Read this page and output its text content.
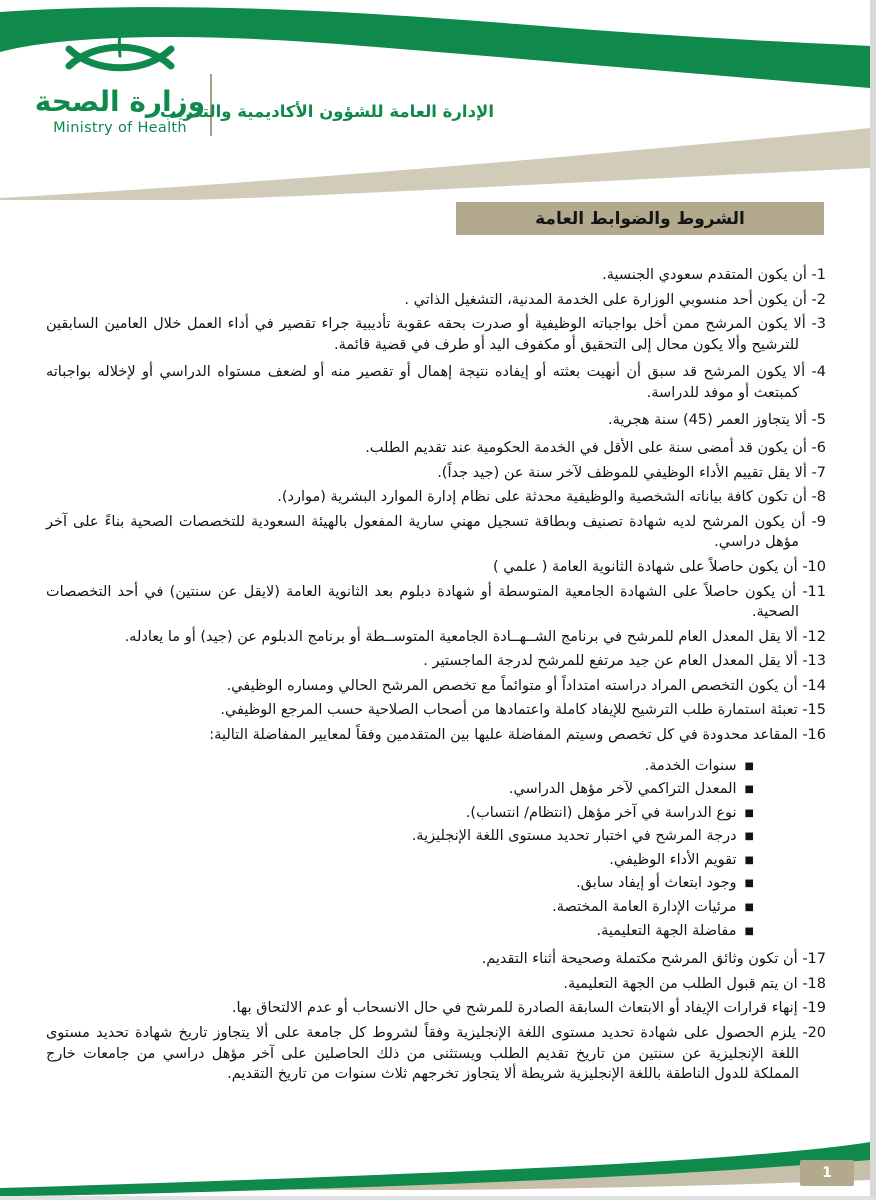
وزارة الصحة
Ministry of Health
الإدارة العامة للشؤون الأكاديمية والتدريب
الشروط والضوابط العامة
1- أن يكون المتقدم سعودي الجنسية.
2- أن يكون أحد منسوبي الوزارة على الخدمة المدنية، التشغيل الذاتي .
3- ألا يكون المرشح ممن أخل بواجباته الوظيفية أو صدرت بحقه عقوبة تأديبية جراء تقصير في أداء العمل خلال العامين السابقين للترشيح وألا يكون محال إلى التحقيق أو مكفوف اليد أو طرف في قضية قائمة.
4- ألا يكون المرشح قد سبق أن أنهيت بعثته أو إيفاده نتيجة إهمال أو تقصير منه أو لضعف مستواه الدراسي أو لإخلاله بواجباته كمبتعث أو موفد للدراسة.
5- ألا يتجاوز العمر (45) سنة هجرية.
6- أن يكون قد أمضى سنة على الأقل في الخدمة الحكومية عند تقديم الطلب.
7- ألا يقل تقييم الأداء الوظيفي للموظف لآخر سنة عن (جيد جداً).
8- أن تكون كافة بياناته الشخصية والوظيفية محدثة على نظام إدارة الموارد البشرية (موارد).
9- أن يكون المرشح لديه شهادة تصنيف وبطاقة تسجيل مهني سارية المفعول بالهيئة السعودية للتخصصات الصحية بناءً على آخر مؤهل دراسي.
10- أن يكون حاصلاً على شهادة الثانوية العامة ( علمي )
11- أن يكون حاصلاً على الشهادة الجامعية المتوسطة أو شهادة دبلوم بعد الثانوية العامة (لايقل عن سنتين) في أحد التخصصات الصحية.
12- ألا يقل المعدل العام للمرشح في برنامج الشــهــادة الجامعية المتوســطة أو برنامج الدبلوم عن (جيد) أو ما يعادله.
13- ألا يقل المعدل العام عن جيد مرتفع للمرشح لدرجة الماجستير .
14- أن يكون التخصص المراد دراسته امتداداً أو متوائماً مع تخصص المرشح الحالي ومساره الوظيفي.
15- تعبئة استمارة طلب الترشيح للإيفاد كاملة واعتمادها من أصحاب الصلاحية حسب المرجع الوظيفي.
16- المقاعد محدودة في كل تخصص وسيتم المفاضلة عليها بين المتقدمين وفقاً لمعايير المفاضلة التالية:
■سنوات الخدمة.
■المعدل التراكمي لآخر مؤهل الدراسي.
■نوع الدراسة في آخر مؤهل (انتظام/ انتساب).
■درجة المرشح في اختبار تحديد مستوى اللغة الإنجليزية.
■تقويم الأداء الوظيفي.
■وجود ابتعاث أو إيفاد سابق.
■مرئيات الإدارة العامة المختصة.
■مفاضلة الجهة التعليمية.
17- أن تكون وثائق المرشح مكتملة وصحيحة أثناء التقديم.
18- ان يتم قبول الطلب من الجهة التعليمية.
19- إنهاء قرارات الإيفاد أو الابتعاث السابقة الصادرة للمرشح في حال الانسحاب أو عدم الالتحاق بها.
20- يلزم الحصول على شهادة تحديد مستوى اللغة الإنجليزية وفقاً لشروط كل جامعة على ألا يتجاوز تاريخ شهادة تحديد مستوى اللغة الإنجليزية عن سنتين من تاريخ تقديم الطلب ويستثنى من ذلك الحاصلين على آخر مؤهل دراسي من جامعات خارج المملكة للدول الناطقة باللغة الإنجليزية شريطة ألا يتجاوز تخرجهم ثلاث سنوات من تاريخ التقديم.
1
